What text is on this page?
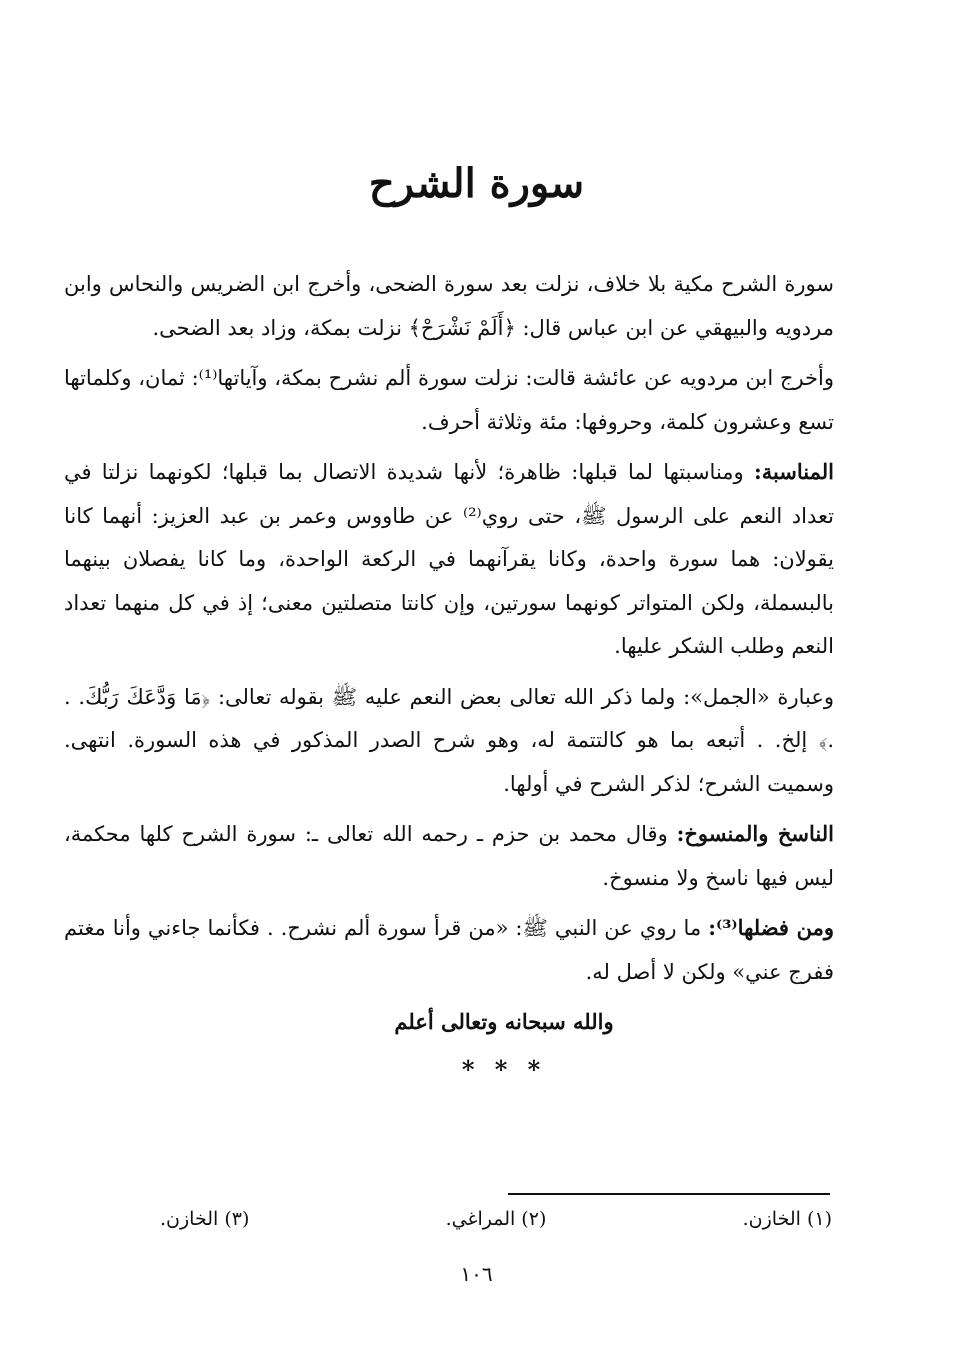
سورة الشرح

سورة الشرح مكية بلا خلاف، نزلت بعد سورة الضحى، وأخرج ابن الضريس والنحاس وابن مردويه والبيهقي عن ابن عباس قال: ﴿أَلَمْ نَشْرَحْ﴾ نزلت بمكة، وزاد بعد الضحى.

وأخرج ابن مردويه عن عائشة قالت: نزلت سورة ألم نشرح بمكة، وآياتها⁽¹⁾: ثمان، وكلماتها تسع وعشرون كلمة، وحروفها: مئة وثلاثة أحرف.

المناسبة: ومناسبتها لما قبلها: ظاهرة؛ لأنها شديدة الاتصال بما قبلها؛ لكونهما نزلتا في تعداد النعم على الرسول ﷺ، حتى روي⁽²⁾ عن طاووس وعمر بن عبد العزيز: أنهما كانا يقولان: هما سورة واحدة، وكانا يقرآنهما في الركعة الواحدة، وما كانا يفصلان بينهما بالبسملة، ولكن المتواتر كونهما سورتين، وإن كانتا متصلتين معنى؛ إذ في كل منهما تعداد النعم وطلب الشكر عليها.

وعبارة «الجمل»: ولما ذكر الله تعالى بعض النعم عليه ﷺ بقوله تعالى: ﴿مَا وَدَّعَكَ رَبُّكَ. . .﴾ إلخ. . أتبعه بما هو كالتتمة له، وهو شرح الصدر المذكور في هذه السورة. انتهى. وسميت الشرح؛ لذكر الشرح في أولها.

الناسخ والمنسوخ: وقال محمد بن حزم ـ رحمه الله تعالى ـ: سورة الشرح كلها محكمة، ليس فيها ناسخ ولا منسوخ.

ومن فضلها⁽³⁾: ما روي عن النبي ﷺ: «من قرأ سورة ألم نشرح. . فكأنما جاءني وأنا مغتم ففرج عني» ولكن لا أصل له.

والله سبحانه وتعالى أعلم
* * *
(١) الخازن.
(٢) المراغي.
(٣) الخازن.
١٠٦
